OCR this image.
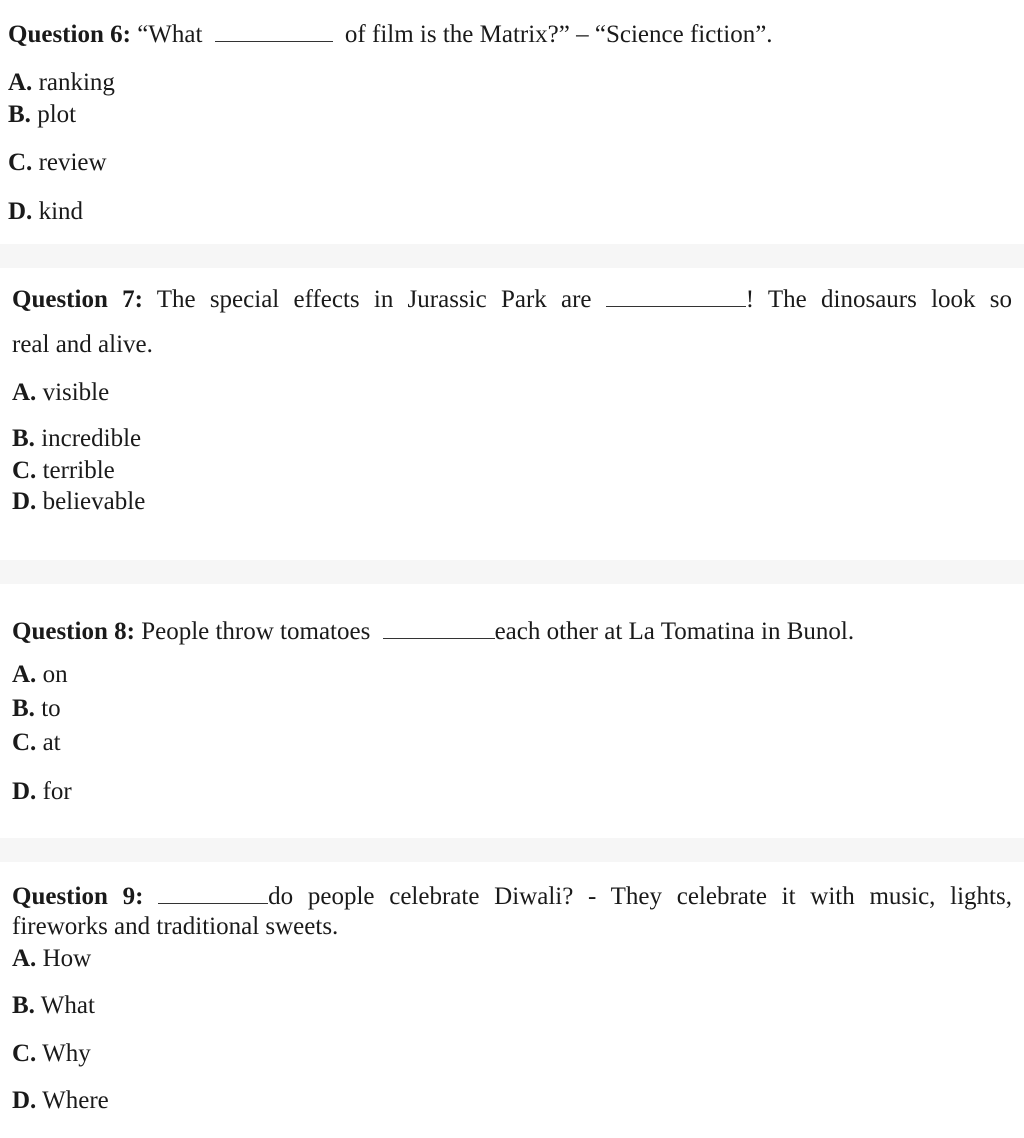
Question 6: “What	of film is the Matrix?” – “Science fiction”.
A. ranking
B. plot
C. review
D. kind
Question 7: The special effects in Jurassic Park are	! The dinosaurs look so
real and alive.
A. visible
B. incredible
C. terrible
D. believable
Question 8: People throw tomatoes	each other at La Tomatina in Bunol.
A. on
B. to
C. at
D. for
Question 9:	do people celebrate Diwali? - They celebrate it with music, lights,
fireworks and traditional sweets.
A. How
B. What
C. Why
D. Where
